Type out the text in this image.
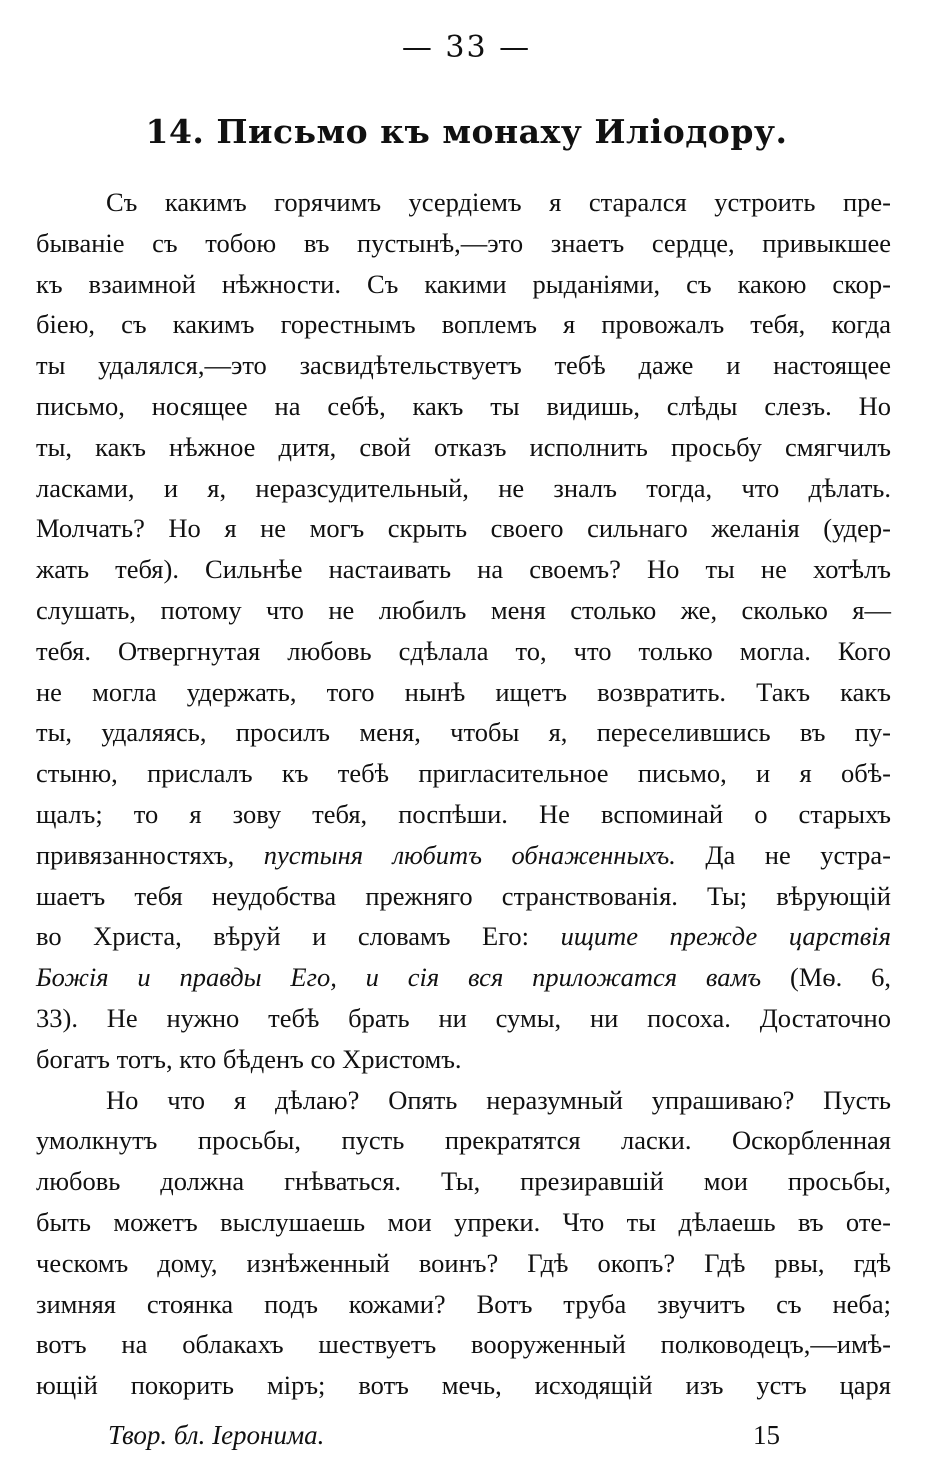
— 33 —
14. Письмо къ монаху Иліодору.
Съ какимъ горячимъ усердіемъ я старался устроить пре-
бываніе съ тобою въ пустынѣ,—это знаетъ сердце, привыкшее
къ взаимной нѣжности. Съ какими рыданіями, съ какою скор-
біею, съ какимъ горестнымъ воплемъ я провожалъ тебя, когда
ты удалялся,—это засвидѣтельствуетъ тебѣ даже и настоящее
письмо, носящее на себѣ, какъ ты видишь, слѣды слезъ. Но
ты, какъ нѣжное дитя, свой отказъ исполнить просьбу смягчилъ
ласками, и я, неразсудительный, не зналъ тогда, что дѣлать.
Молчать? Но я не могъ скрыть своего сильнаго желанія (удер-
жать тебя). Сильнѣе настаивать на своемъ? Но ты не хотѣлъ
слушать, потому что не любилъ меня столько же, сколько я—
тебя. Отвергнутая любовь сдѣлала то, что только могла. Кого
не могла удержать, того нынѣ ищетъ возвратить. Такъ какъ
ты, удаляясь, просилъ меня, чтобы я, переселившись въ пу-
стыню, прислалъ къ тебѣ пригласительное письмо, и я обѣ-
щалъ; то я зову тебя, поспѣши. Не вспоминай о старыхъ
привязанностяхъ, пустыня любитъ обнаженныхъ. Да не устра-
шаетъ тебя неудобства прежняго странствованія. Ты; вѣрующій
во Христа, вѣруй и словамъ Его: ищите прежде царствія
Божія и правды Его, и сія вся приложатся вамъ (Мѳ. 6,
33). Не нужно тебѣ брать ни сумы, ни посоха. Достаточно
богатъ тотъ, кто бѣденъ со Христомъ.
Но что я дѣлаю? Опять неразумный упрашиваю? Пусть
умолкнутъ просьбы, пусть прекратятся ласки. Оскорбленная
любовь должна гнѣваться. Ты, презиравшій мои просьбы,
быть можетъ выслушаешь мои упреки. Что ты дѣлаешь въ оте-
ческомъ дому, изнѣженный воинъ? Гдѣ окопъ? Гдѣ рвы, гдѣ
зимняя стоянка подъ кожами? Вотъ труба звучитъ съ неба;
вотъ на облакахъ шествуетъ вооруженный полководецъ,—имѣ-
ющій покорить міръ; вотъ мечь, исходящій изъ устъ царя
Твор. бл. Іеронима.	15
